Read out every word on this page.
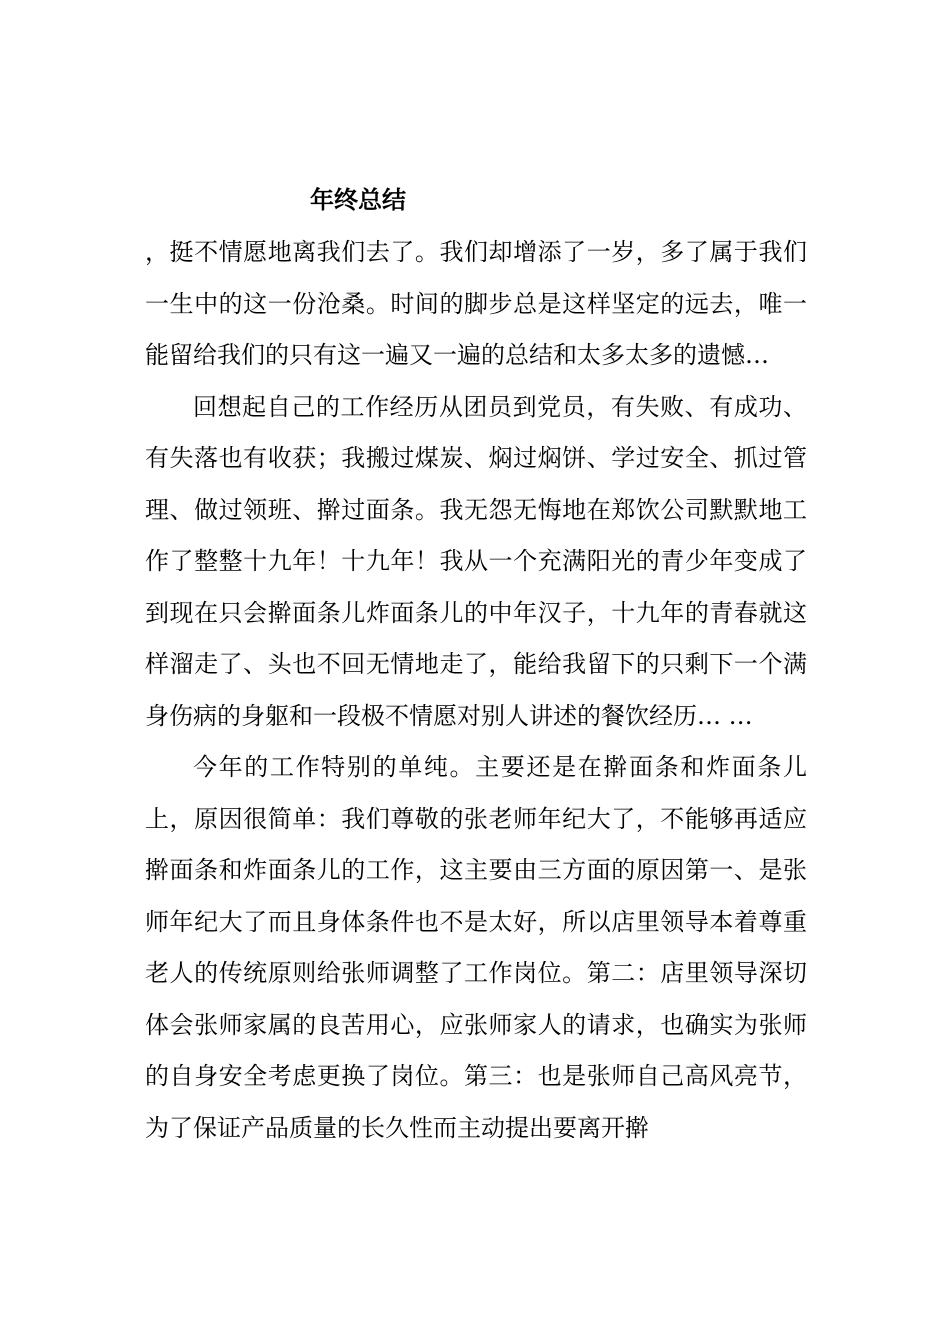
年终总结

，挺不情愿地离我们去了。我们却增添了一岁，多了属于我们一生中的这一份沧桑。时间的脚步总是这样坚定的远去，唯一能留给我们的只有这一遍又一遍的总结和太多太多的遗憾…

回想起自己的工作经历从团员到党员，有失败、有成功、有失落也有收获；我搬过煤炭、焖过焖饼、学过安全、抓过管理、做过领班、擀过面条。我无怨无悔地在郑饮公司默默地工作了整整十九年！十九年！我从一个充满阳光的青少年变成了到现在只会擀面条儿炸面条儿的中年汉子，十九年的青春就这样溜走了、头也不回无情地走了，能给我留下的只剩下一个满身伤病的身躯和一段极不情愿对别人讲述的餐饮经历… …

今年的工作特别的单纯。主要还是在擀面条和炸面条儿上，原因很简单：我们尊敬的张老师年纪大了，不能够再适应擀面条和炸面条儿的工作，这主要由三方面的原因第一、是张师年纪大了而且身体条件也不是太好，所以店里领导本着尊重老人的传统原则给张师调整了工作岗位。第二：店里领导深切体会张师家属的良苦用心，应张师家人的请求，也确实为张师的自身安全考虑更换了岗位。第三：也是张师自己高风亮节，为了保证产品质量的长久性而主动提出要离开擀
